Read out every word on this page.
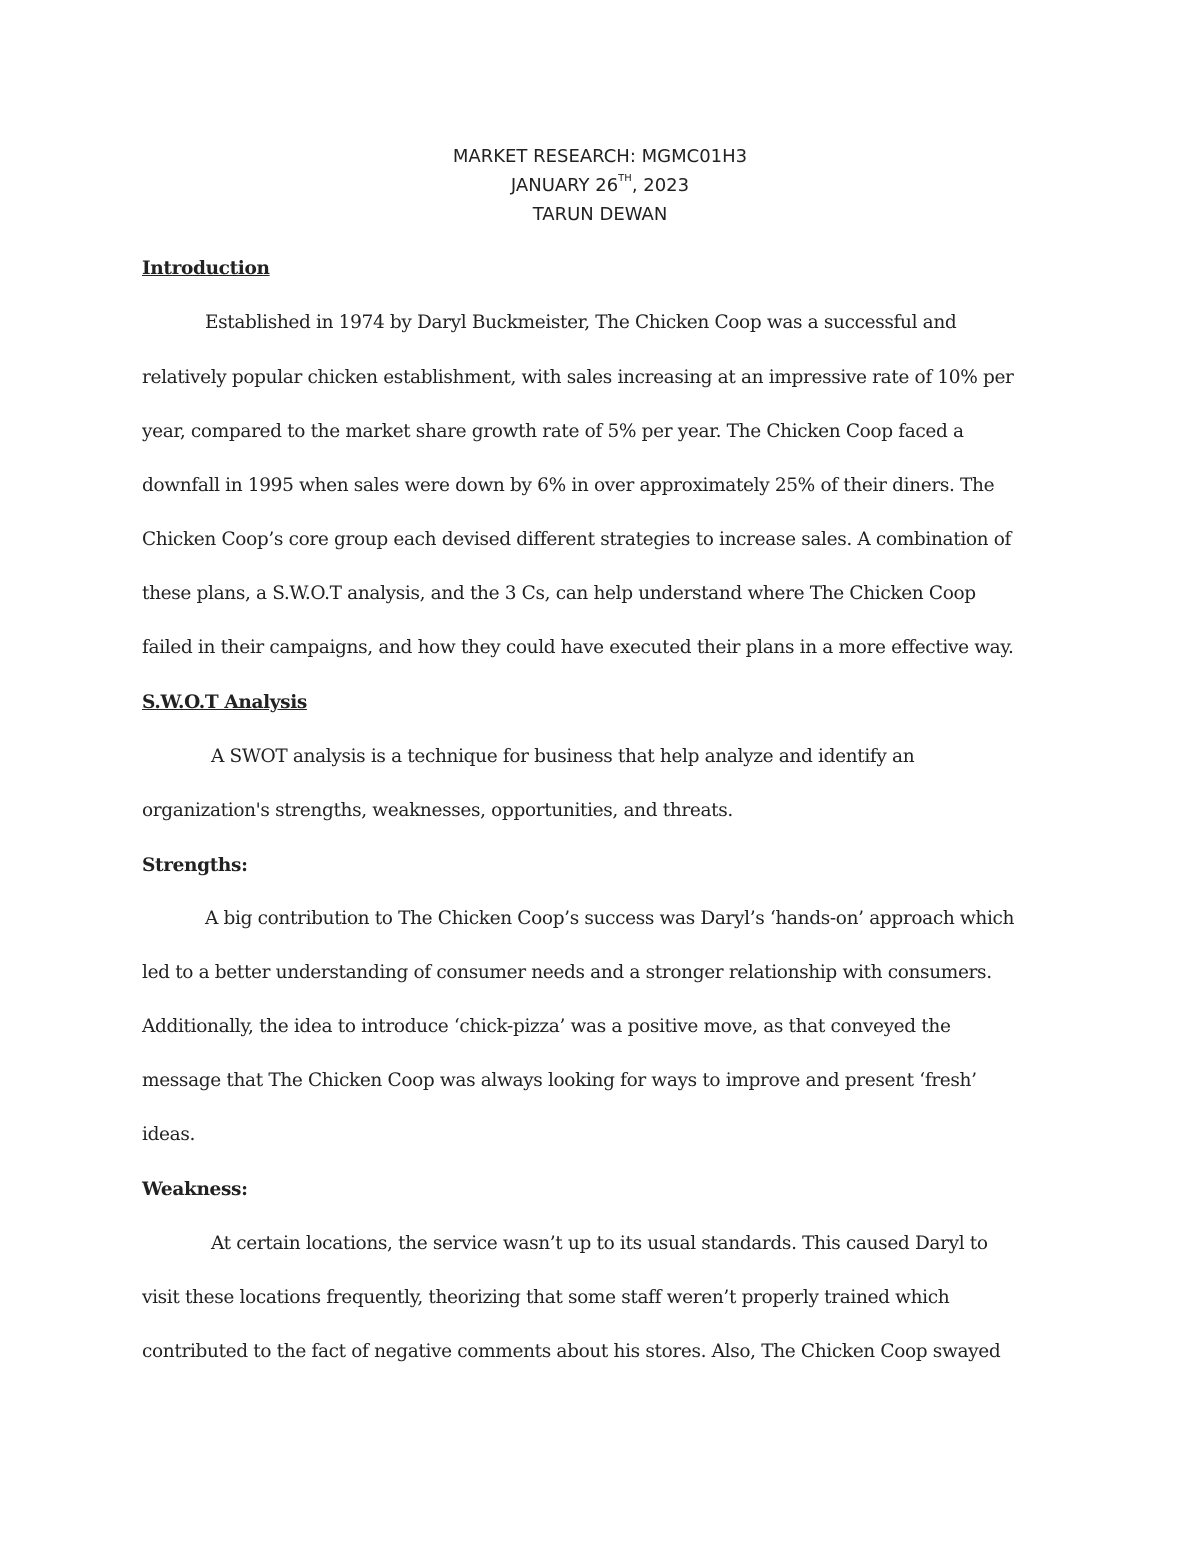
MARKET RESEARCH: MGMC01H3
JANUARY 26TH, 2023
TARUN DEWAN
Introduction
Established in 1974 by Daryl Buckmeister, The Chicken Coop was a successful and
relatively popular chicken establishment, with sales increasing at an impressive rate of 10% per
year, compared to the market share growth rate of 5% per year. The Chicken Coop faced a
downfall in 1995 when sales were down by 6% in over approximately 25% of their diners. The
Chicken Coop’s core group each devised different strategies to increase sales. A combination of
these plans, a S.W.O.T analysis, and the 3 Cs, can help understand where The Chicken Coop
failed in their campaigns, and how they could have executed their plans in a more effective way.
S.W.O.T Analysis
A SWOT analysis is a technique for business that help analyze and identify an
organization's strengths, weaknesses, opportunities, and threats.
Strengths:
A big contribution to The Chicken Coop’s success was Daryl’s ‘hands-on’ approach which
led to a better understanding of consumer needs and a stronger relationship with consumers.
Additionally, the idea to introduce ‘chick-pizza’ was a positive move, as that conveyed the
message that The Chicken Coop was always looking for ways to improve and present ‘fresh’
ideas.
Weakness:
At certain locations, the service wasn’t up to its usual standards. This caused Daryl to
visit these locations frequently, theorizing that some staff weren’t properly trained which
contributed to the fact of negative comments about his stores. Also, The Chicken Coop swayed
